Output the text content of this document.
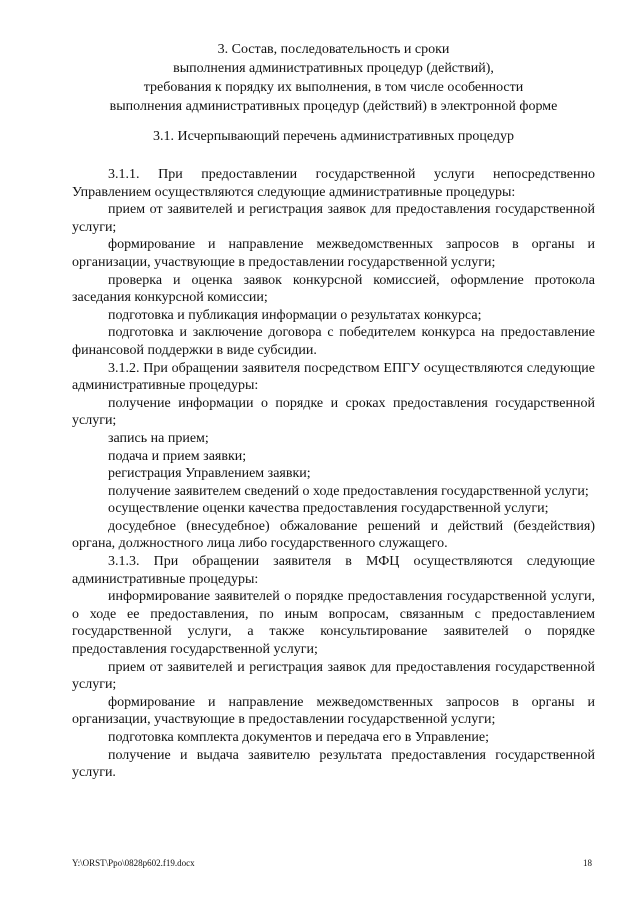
3. Состав, последовательность и сроки
выполнения административных процедур (действий),
требования к порядку их выполнения, в том числе особенности
выполнения административных процедур (действий) в электронной форме
3.1. Исчерпывающий перечень административных процедур

3.1.1. При предоставлении государственной услуги непосредственно Управлением осуществляются следующие административные процедуры:

прием от заявителей и регистрация заявок для предоставления государственной услуги;

формирование и направление межведомственных запросов в органы и организации, участвующие в предоставлении государственной услуги;

проверка и оценка заявок конкурсной комиссией, оформление протокола заседания конкурсной комиссии;

подготовка и публикация информации о результатах конкурса;

подготовка и заключение договора с победителем конкурса на предоставление финансовой поддержки в виде субсидии.

3.1.2. При обращении заявителя посредством ЕПГУ осуществляются следующие административные процедуры:

получение информации о порядке и сроках предоставления государственной услуги;

запись на прием;

подача и прием заявки;

регистрация Управлением заявки;

получение заявителем сведений о ходе предоставления государственной услуги;

осуществление оценки качества предоставления государственной услуги;

досудебное (внесудебное) обжалование решений и действий (бездействия) органа, должностного лица либо государственного служащего.

3.1.3. При обращении заявителя в МФЦ осуществляются следующие административные процедуры:

информирование заявителей о порядке предоставления государственной услуги, о ходе ее предоставления, по иным вопросам, связанным с предоставлением государственной услуги, а также консультирование заявителей о порядке предоставления государственной услуги;

прием от заявителей и регистрация заявок для предоставления государственной услуги;

формирование и направление межведомственных запросов в органы и организации, участвующие в предоставлении государственной услуги;

подготовка комплекта документов и передача его в Управление;

получение и выдача заявителю результата предоставления государственной услуги.

Y:\ORST\Ppo\0828p602.f19.docx	18
